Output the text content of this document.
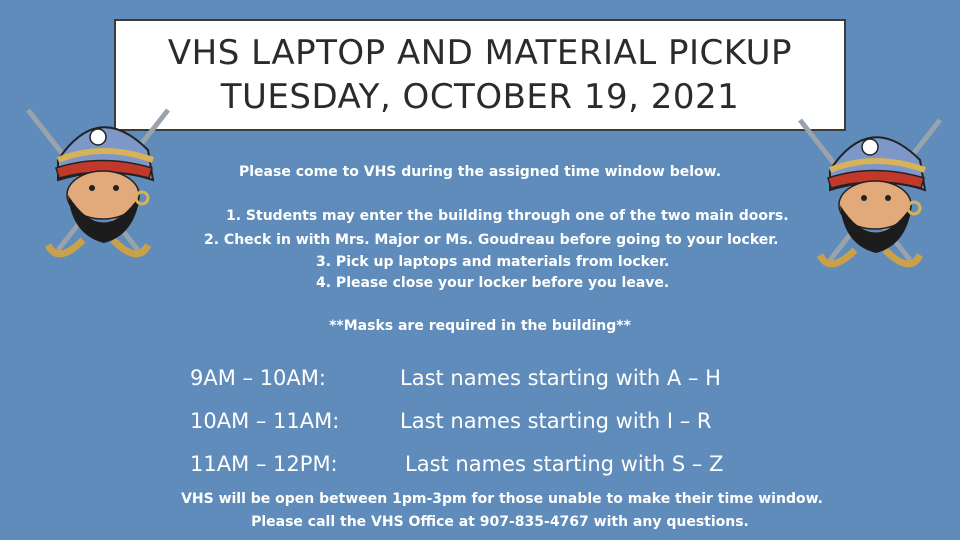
VHS LAPTOP AND MATERIAL PICKUP
TUESDAY, OCTOBER 19, 2021
Please come to VHS during the assigned time window below.
1. Students may enter the building through one of the two main doors.
2. Check in with Mrs. Major or Ms. Goudreau before going to your locker.
3. Pick up laptops and materials from locker.
4. Please close your locker before you leave.
**Masks are required in the building**
9AM – 10AM:	Last names starting with A – H
10AM – 11AM:	Last names starting with I – R
11AM – 12PM:	Last names starting with S – Z
VHS will be open between 1pm-3pm for those unable to make their time window.
Please call the VHS Office at 907-835-4767 with any questions.
